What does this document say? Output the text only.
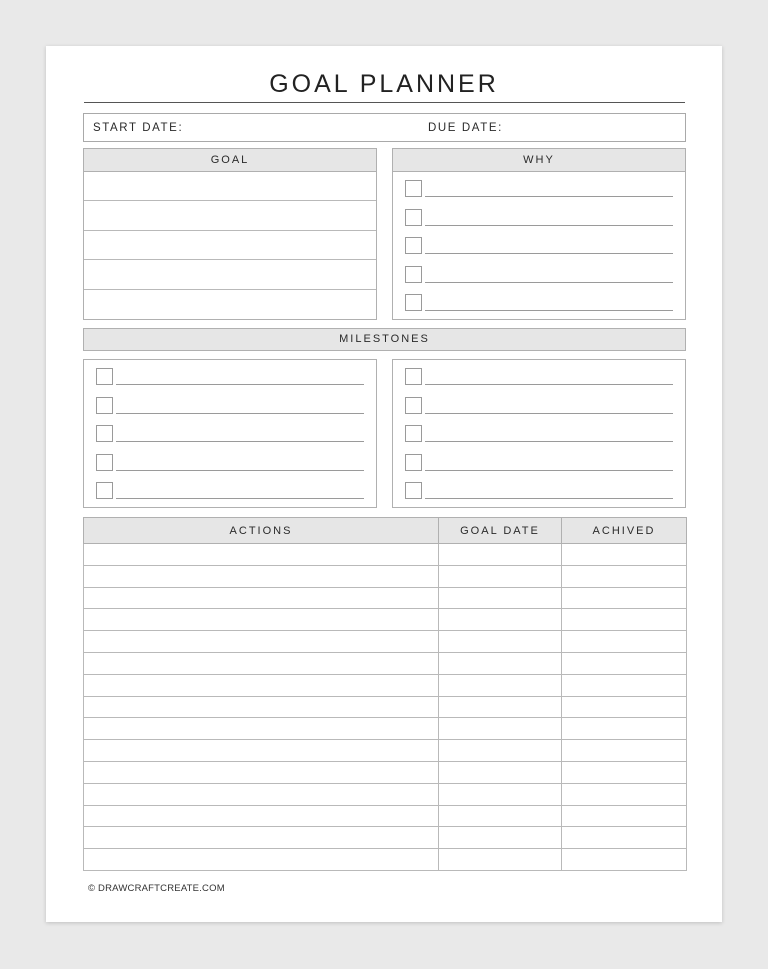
GOAL PLANNER
START DATE:	DUE DATE:
GOAL	WHY
MILESTONES
ACTIONS	GOAL DATE	ACHIVED

© DRAWCRAFTCREATE.COM
